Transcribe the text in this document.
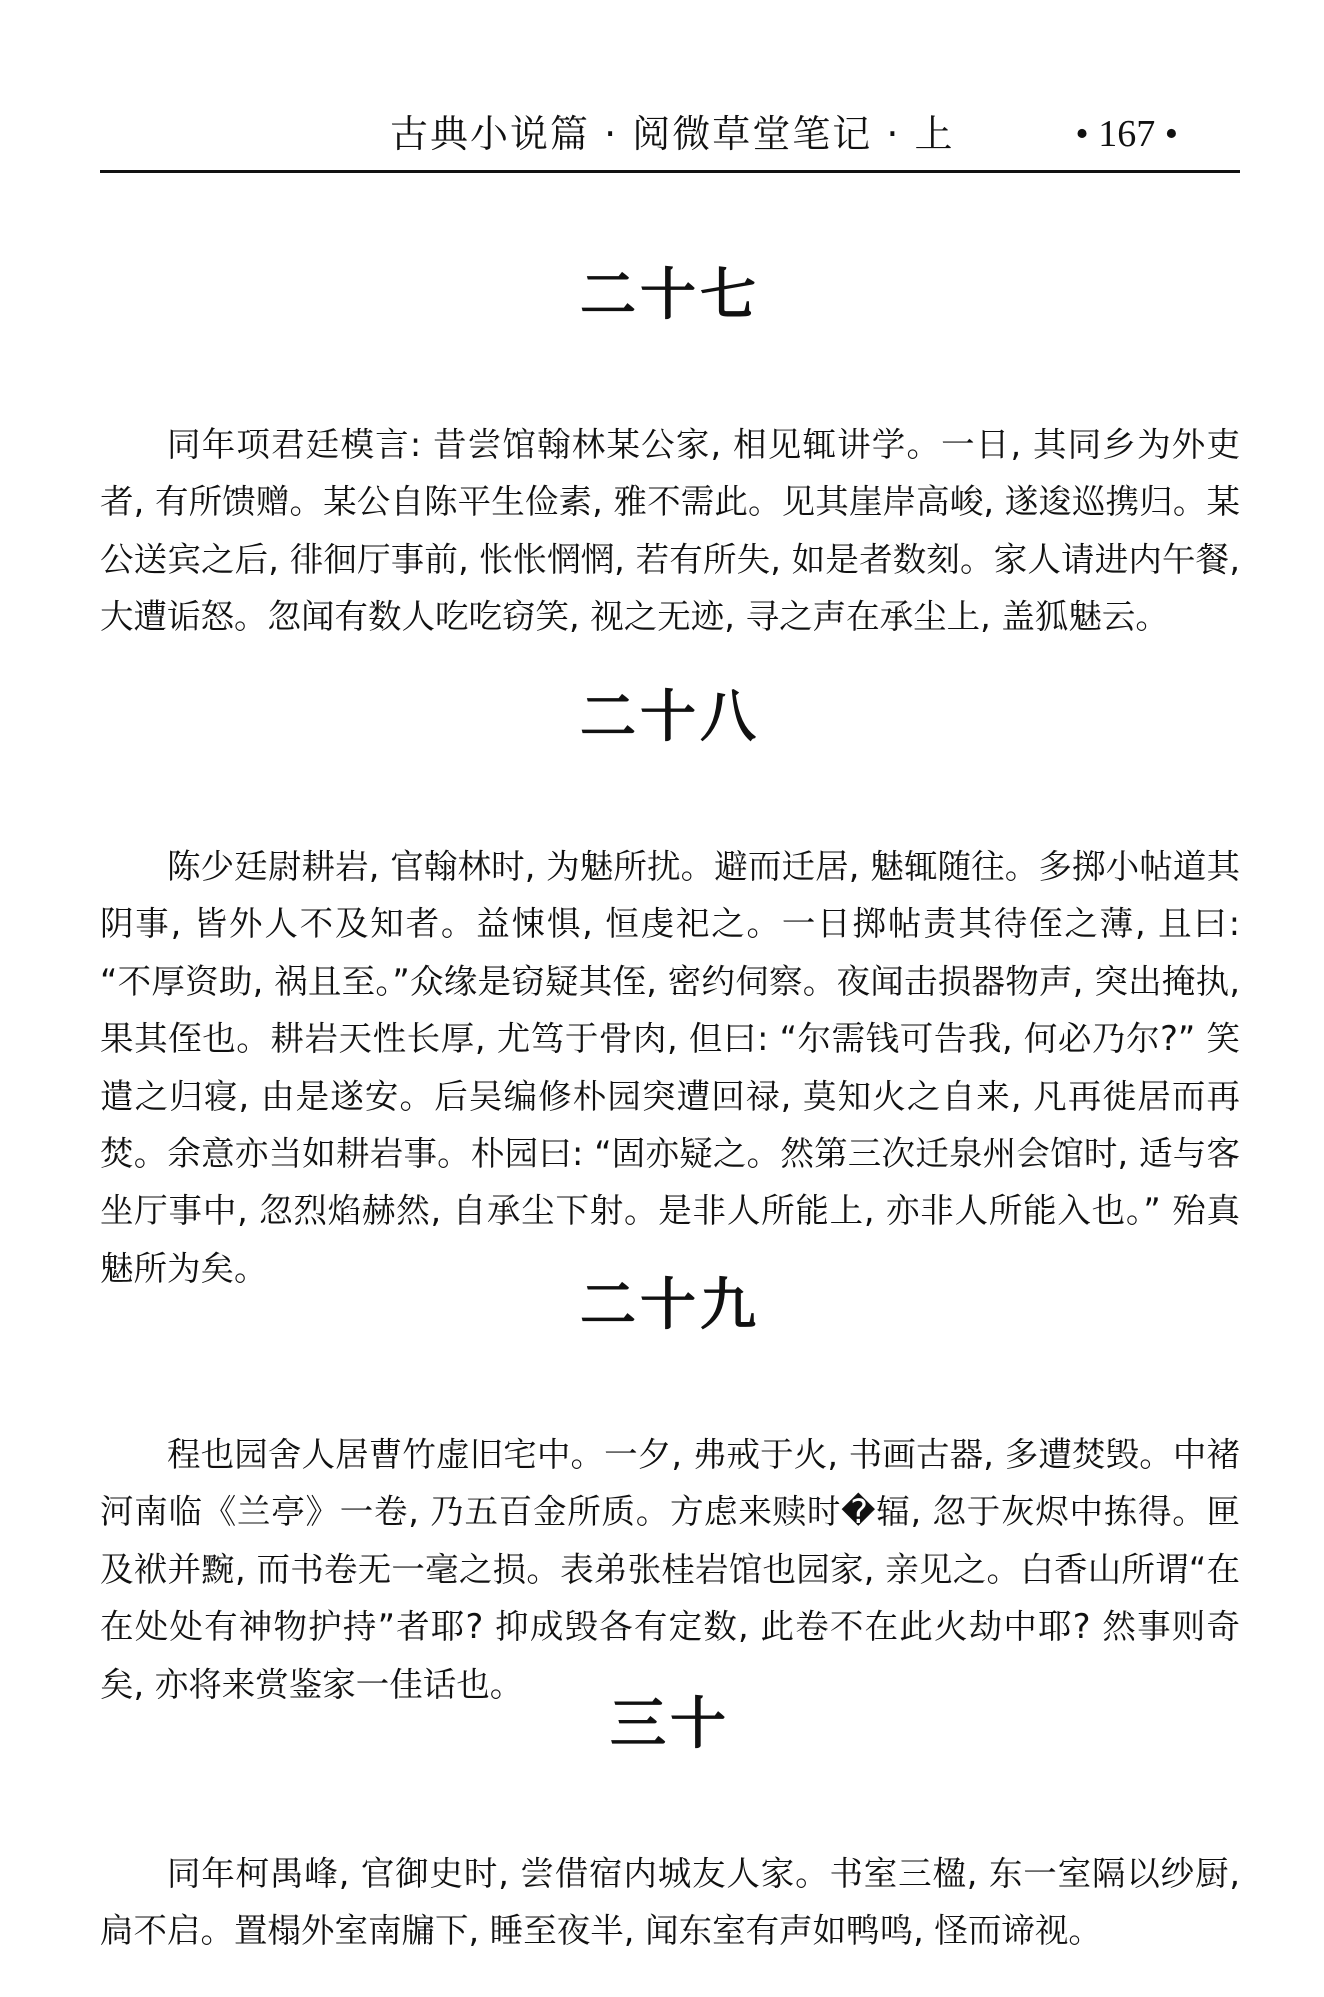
古典小说篇 · 阅微草堂笔记 · 上	• 167 •
二十七

同年项君廷模言: 昔尝馆翰林某公家, 相见辄讲学。一日, 其同乡为外吏者, 有所馈赠。某公自陈平生俭素, 雅不需此。见其崖岸高峻, 遂逡巡携归。某公送宾之后, 徘徊厅事前, 怅怅惘惘, 若有所失, 如是者数刻。家人请进内午餐, 大遭诟怒。忽闻有数人吃吃窃笑, 视之无迹, 寻之声在承尘上, 盖狐魅云。

二十八

陈少廷尉耕岩, 官翰林时, 为魅所扰。避而迁居, 魅辄随往。多掷小帖道其阴事, 皆外人不及知者。益悚惧, 恒虔祀之。一日掷帖责其待侄之薄, 且曰: “不厚资助, 祸且至。”众缘是窃疑其侄, 密约伺察。夜闻击损器物声, 突出掩执, 果其侄也。耕岩天性长厚, 尤笃于骨肉, 但曰: “尔需钱可告我, 何必乃尔?” 笑遣之归寝, 由是遂安。后吴编修朴园突遭回禄, 莫知火之自来, 凡再徙居而再焚。余意亦当如耕岩事。朴园曰: “固亦疑之。然第三次迁泉州会馆时, 适与客坐厅事中, 忽烈焰赫然, 自承尘下射。是非人所能上, 亦非人所能入也。” 殆真魅所为矣。

二十九

程也园舍人居曹竹虚旧宅中。一夕, 弗戒于火, 书画古器, 多遭焚毁。中褚河南临《兰亭》一卷, 乃五百金所质。方虑来赎时�辐, 忽于灰烬中拣得。匣及袱并黦, 而书卷无一毫之损。表弟张桂岩馆也园家, 亲见之。白香山所谓“在在处处有神物护持”者耶? 抑成毁各有定数, 此卷不在此火劫中耶? 然事则奇矣, 亦将来赏鉴家一佳话也。

三十

同年柯禺峰, 官御史时, 尝借宿内城友人家。书室三楹, 东一室隔以纱厨, 扃不启。置榻外室南牖下, 睡至夜半, 闻东室有声如鸭鸣, 怪而谛视。
